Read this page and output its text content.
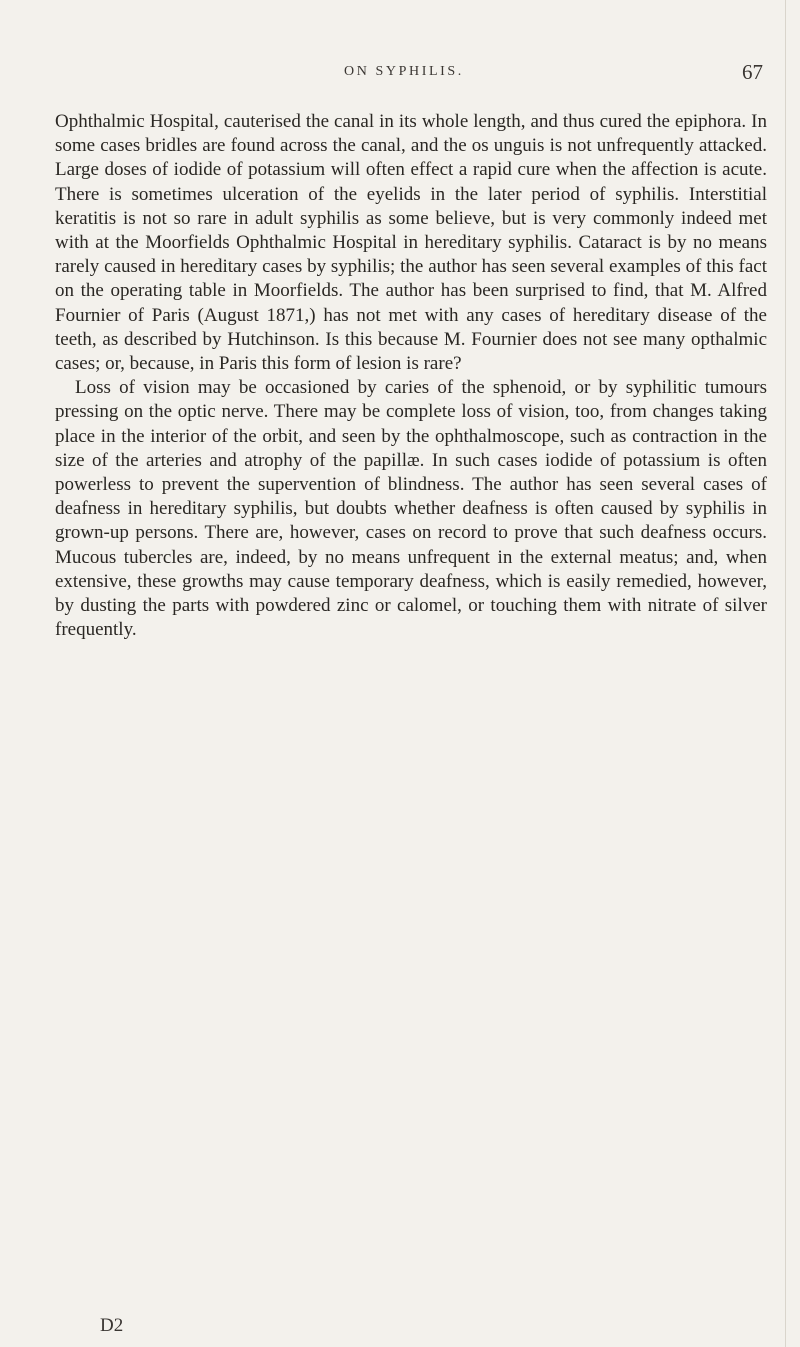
ON SYPHILIS.	67

Ophthalmic Hospital, cauterised the canal in its whole length, and thus cured the epiphora. In some cases bridles are found across the canal, and the os unguis is not unfrequently attacked. Large doses of iodide of potassium will often effect a rapid cure when the affection is acute. There is sometimes ulceration of the eyelids in the later period of syphilis. Interstitial keratitis is not so rare in adult syphilis as some believe, but is very commonly indeed met with at the Moorfields Ophthalmic Hospital in hereditary syphilis. Cataract is by no means rarely caused in hereditary cases by syphilis; the author has seen several examples of this fact on the operating table in Moorfields. The author has been surprised to find, that M. Alfred Fournier of Paris (August 1871,) has not met with any cases of hereditary disease of the teeth, as described by Hutchinson. Is this because M. Fournier does not see many opthalmic cases; or, because, in Paris this form of lesion is rare?

Loss of vision may be occasioned by caries of the sphenoid, or by syphilitic tumours pressing on the optic nerve. There may be complete loss of vision, too, from changes taking place in the interior of the orbit, and seen by the ophthalmoscope, such as contraction in the size of the arteries and atrophy of the papillæ. In such cases iodide of potassium is often powerless to prevent the supervention of blindness. The author has seen several cases of deafness in hereditary syphilis, but doubts whether deafness is often caused by syphilis in grown-up persons. There are, however, cases on record to prove that such deafness occurs. Mucous tubercles are, indeed, by no means unfrequent in the external meatus; and, when extensive, these growths may cause temporary deafness, which is easily remedied, however, by dusting the parts with powdered zinc or calomel, or touching them with nitrate of silver frequently.

D2
